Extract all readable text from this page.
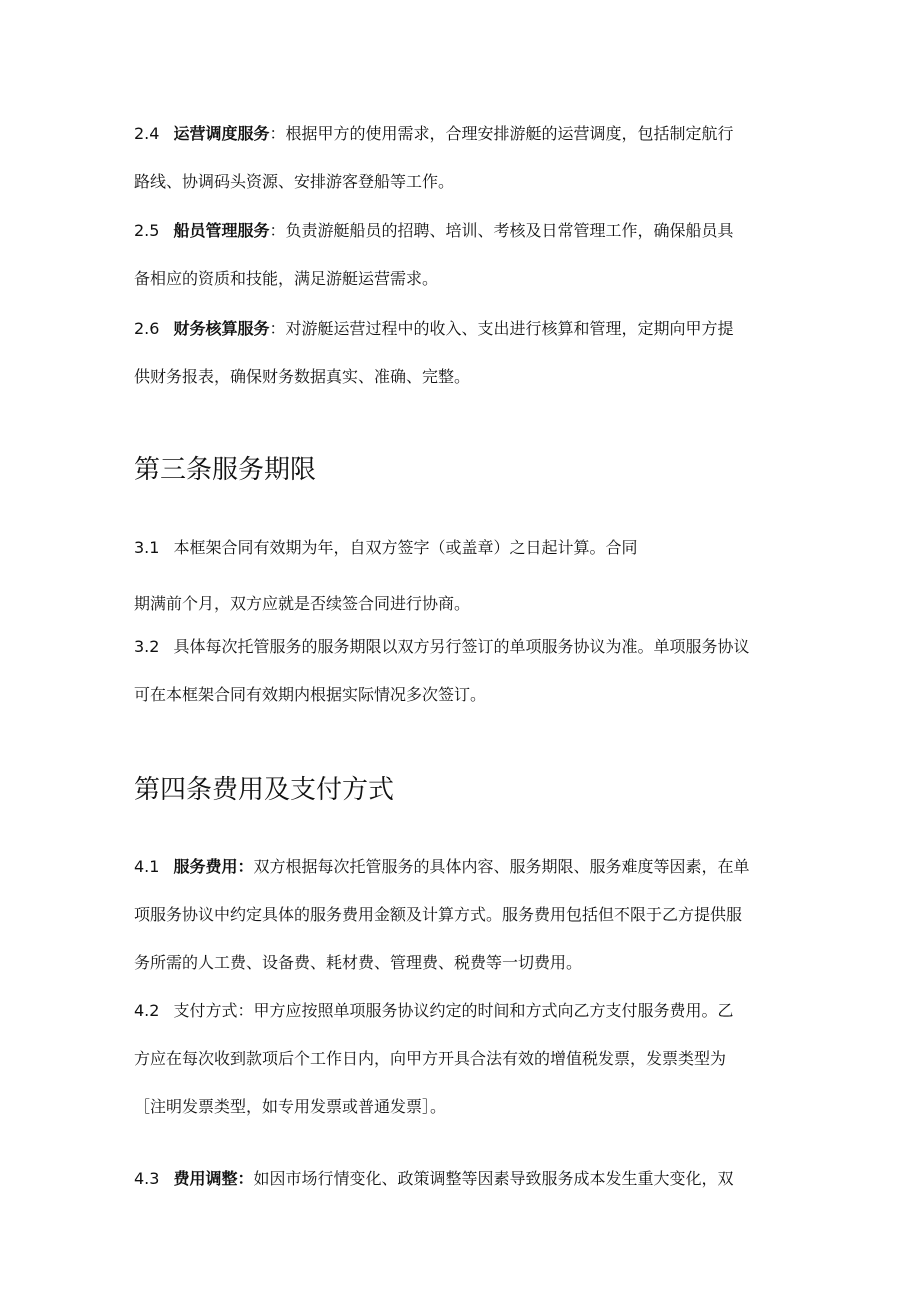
2.4 运营调度服务：根据甲方的使用需求，合理安排游艇的运营调度，包括制定航行
路线、协调码头资源、安排游客登船等工作。
2.5 船员管理服务：负责游艇船员的招聘、培训、考核及日常管理工作，确保船员具
备相应的资质和技能，满足游艇运营需求。
2.6 财务核算服务：对游艇运营过程中的收入、支出进行核算和管理，定期向甲方提
供财务报表，确保财务数据真实、准确、完整。
第三条服务期限
3.1 本框架合同有效期为年，自双方签字（或盖章）之日起计算。合同
期满前个月，双方应就是否续签合同进行协商。
3.2 具体每次托管服务的服务期限以双方另行签订的单项服务协议为准。单项服务协议
可在本框架合同有效期内根据实际情况多次签订。
第四条费用及支付方式
4.1 服务费用：双方根据每次托管服务的具体内容、服务期限、服务难度等因素，在单
项服务协议中约定具体的服务费用金额及计算方式。服务费用包括但不限于乙方提供服
务所需的人工费、设备费、耗材费、管理费、税费等一切费用。
4.2 支付方式：甲方应按照单项服务协议约定的时间和方式向乙方支付服务费用。乙
方应在每次收到款项后个工作日内，向甲方开具合法有效的增值税发票，发票类型为
［注明发票类型，如专用发票或普通发票］。
4.3 费用调整：如因市场行情变化、政策调整等因素导致服务成本发生重大变化，双
